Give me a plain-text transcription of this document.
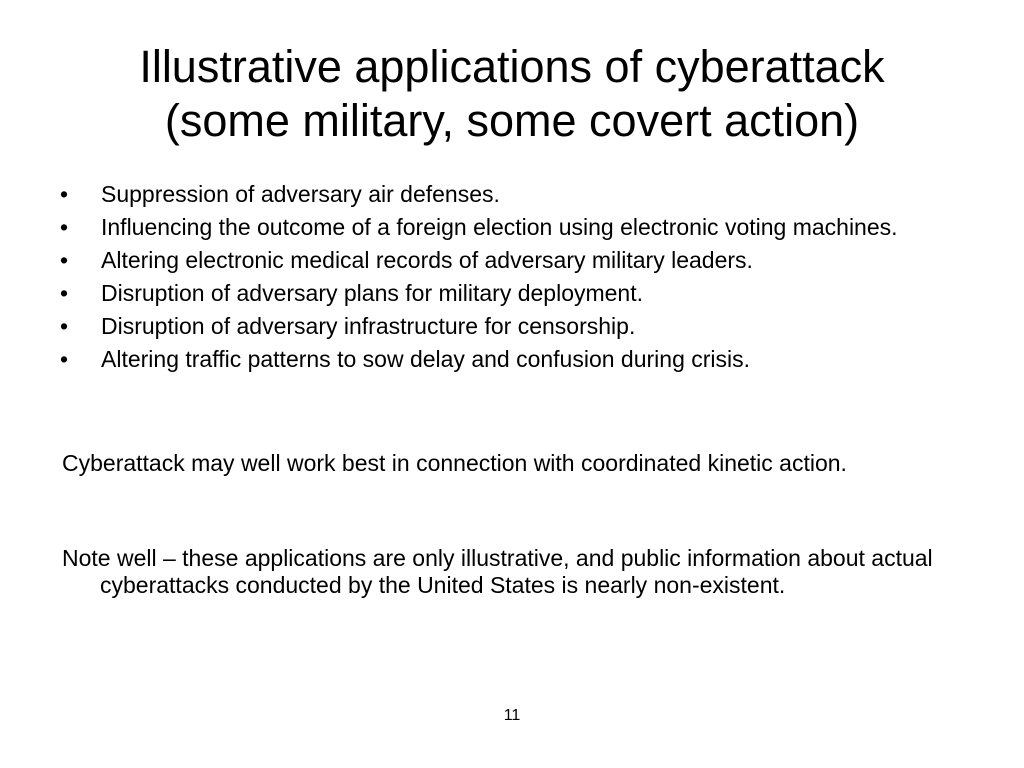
Illustrative applications of cyberattack
(some military, some covert action)
• Suppression of adversary air defenses.
• Influencing the outcome of a foreign election using electronic voting machines.
• Altering electronic medical records of adversary military leaders.
• Disruption of adversary plans for military deployment.
• Disruption of adversary infrastructure for censorship.
• Altering traffic patterns to sow delay and confusion during crisis.

Cyberattack may well work best in connection with coordinated kinetic action.

Note well – these applications are only illustrative, and public information about actual cyberattacks conducted by the United States is nearly non-existent.

11
